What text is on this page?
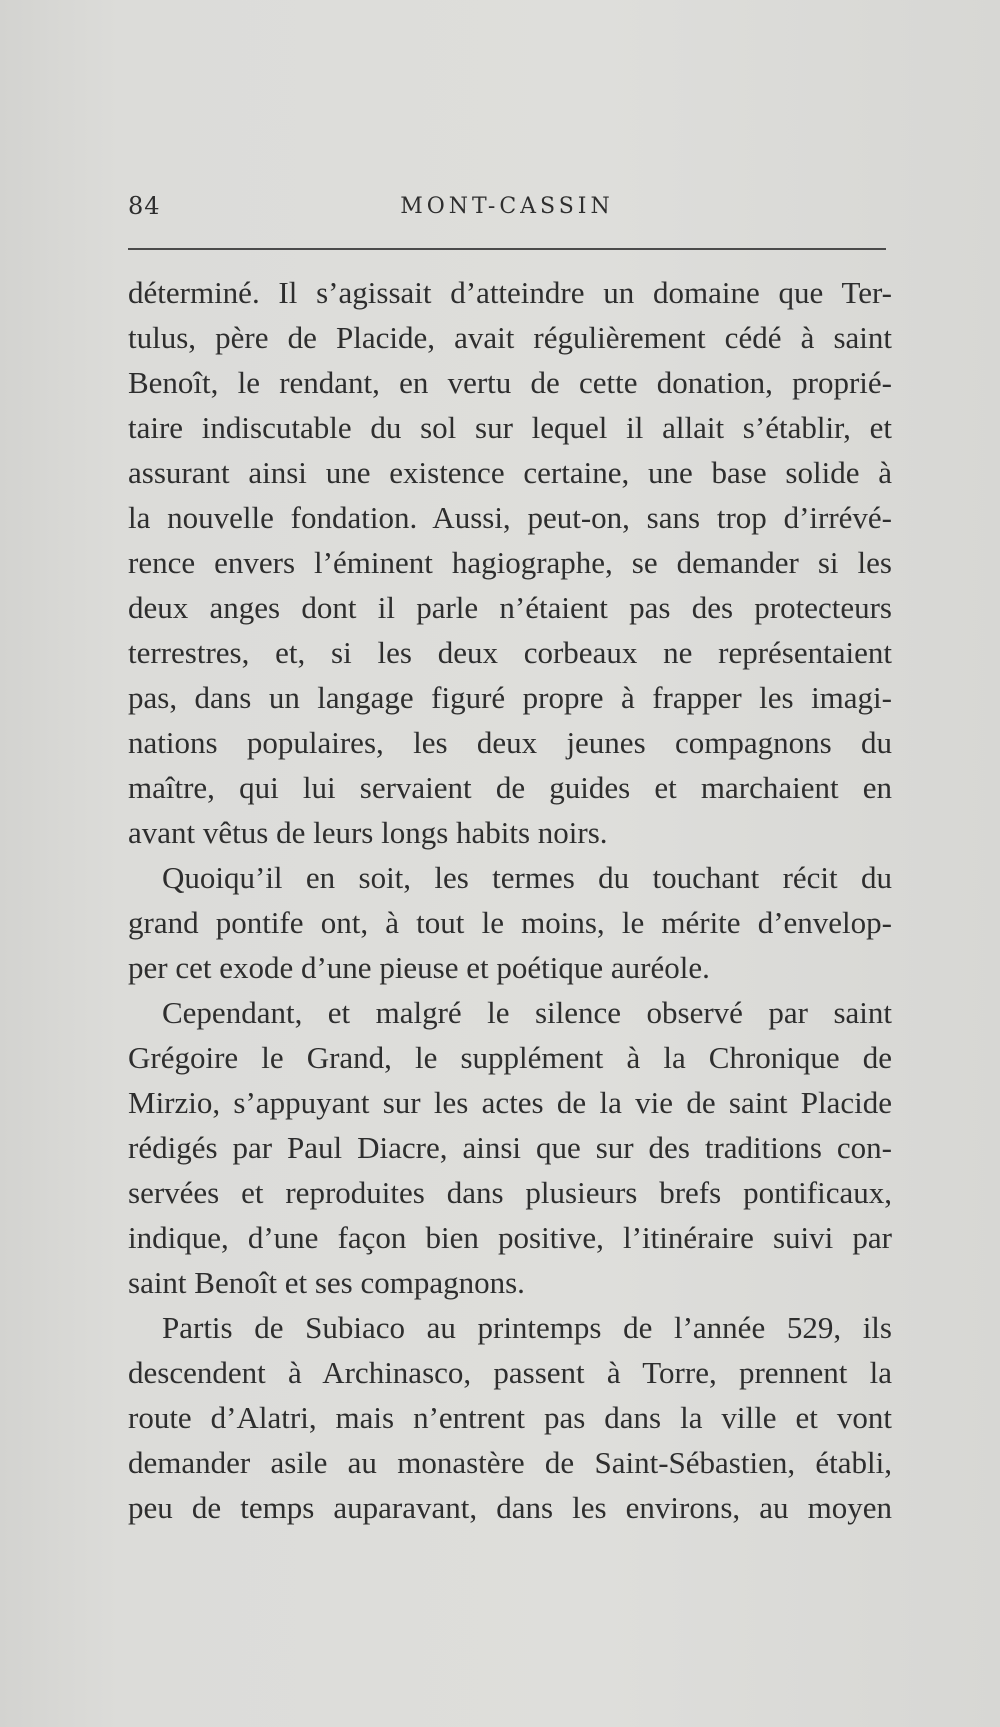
84	MONT-CASSIN
déterminé. Il s’agissait d’atteindre un domaine que Ter-
tulus, père de Placide, avait régulièrement cédé à saint
Benoît, le rendant, en vertu de cette donation, proprié-
taire indiscutable du sol sur lequel il allait s’établir, et
assurant ainsi une existence certaine, une base solide à
la nouvelle fondation. Aussi, peut-on, sans trop d’irrévé-
rence envers l’éminent hagiographe, se demander si les
deux anges dont il parle n’étaient pas des protecteurs
terrestres, et, si les deux corbeaux ne représentaient
pas, dans un langage figuré propre à frapper les imagi-
nations populaires, les deux jeunes compagnons du
maître, qui lui servaient de guides et marchaient en
avant vêtus de leurs longs habits noirs.
Quoiqu’il en soit, les termes du touchant récit du
grand pontife ont, à tout le moins, le mérite d’envelop-
per cet exode d’une pieuse et poétique auréole.
Cependant, et malgré le silence observé par saint
Grégoire le Grand, le supplément à la Chronique de
Mirzio, s’appuyant sur les actes de la vie de saint Placide
rédigés par Paul Diacre, ainsi que sur des traditions con-
servées et reproduites dans plusieurs brefs pontificaux,
indique, d’une façon bien positive, l’itinéraire suivi par
saint Benoît et ses compagnons.
Partis de Subiaco au printemps de l’année 529, ils
descendent à Archinasco, passent à Torre, prennent la
route d’Alatri, mais n’entrent pas dans la ville et vont
demander asile au monastère de Saint-Sébastien, établi,
peu de temps auparavant, dans les environs, au moyen
